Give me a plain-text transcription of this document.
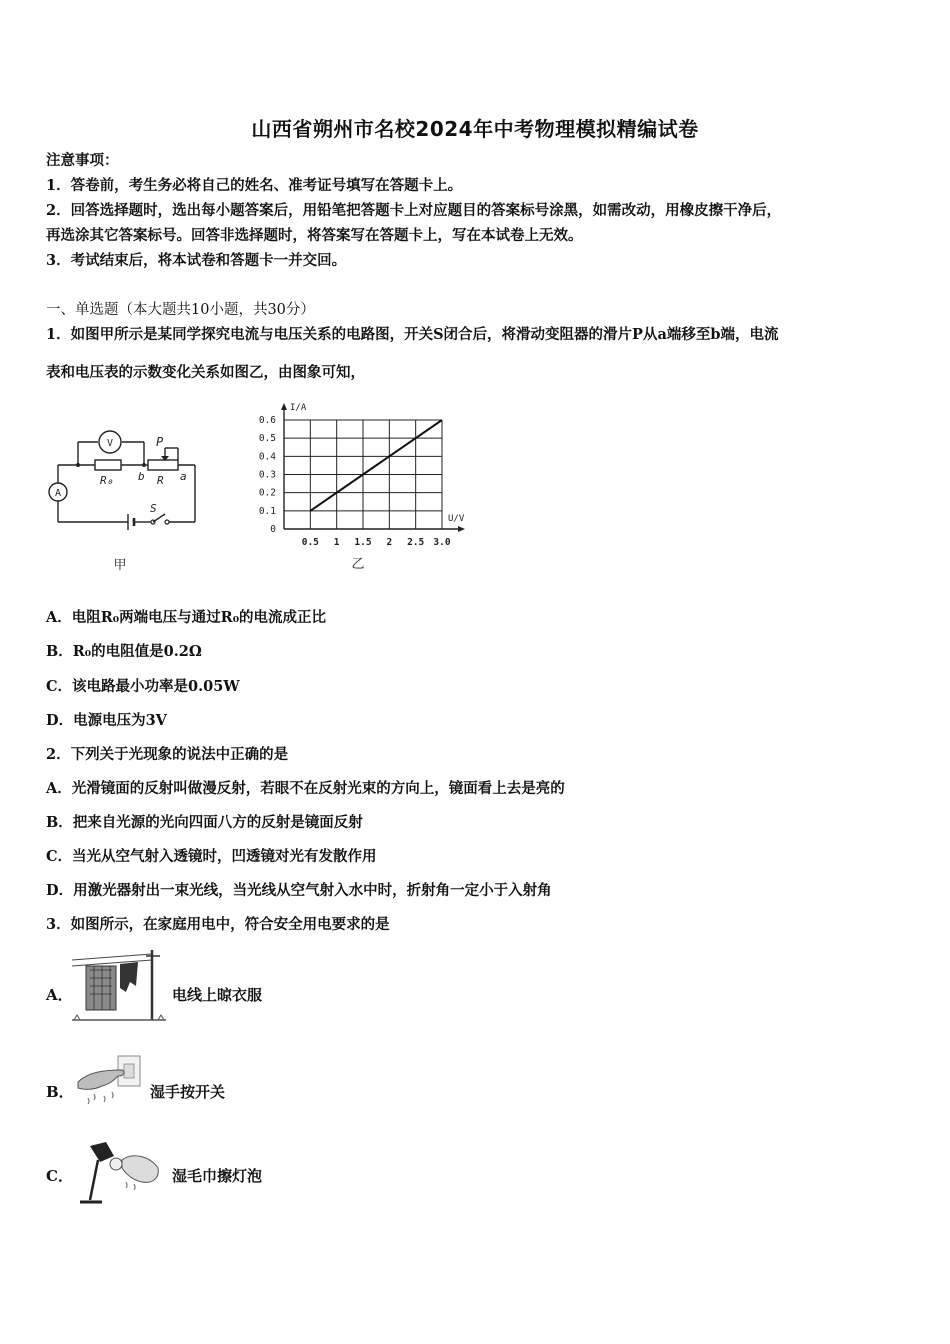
山西省朔州市名校2024年中考物理模拟精编试卷
注意事项：
1．答卷前，考生务必将自己的姓名、准考证号填写在答题卡上。
2．回答选择题时，选出每小题答案后，用铅笔把答题卡上对应题目的答案标号涂黑，如需改动，用橡皮擦干净后，
再选涂其它答案标号。回答非选择题时，将答案写在答题卡上，写在本试卷上无效。
3．考试结束后，将本试卷和答题卡一并交回。
一、单选题（本大题共10小题，共30分）
1．如图甲所示是某同学探究电流与电压关系的电路图，开关S闭合后，将滑动变阻器的滑片P从a端移至b端，电流
表和电压表的示数变化关系如图乙，由图象可知，
A
V
R₀	R
P
b	a
S
甲
0
0.1
0.2
0.3
0.4
0.5
0.6
0.5 1 1.5 2 2.5 3.0
I/A
U/V
乙
A．电阻R₀两端电压与通过R₀的电流成正比
B．R₀的电阻值是0.2Ω
C．该电路最小功率是0.05W
D．电源电压为3V
2．下列关于光现象的说法中正确的是
A．光滑镜面的反射叫做漫反射，若眼不在反射光束的方向上，镜面看上去是亮的
B．把来自光源的光向四面八方的反射是镜面反射
C．当光从空气射入透镜时，凹透镜对光有发散作用
D．用激光器射出一束光线，当光线从空气射入水中时，折射角一定小于入射角
3．如图所示，在家庭用电中，符合安全用电要求的是
A．	电线上晾衣服
B．	湿手按开关
C．	湿毛巾擦灯泡
